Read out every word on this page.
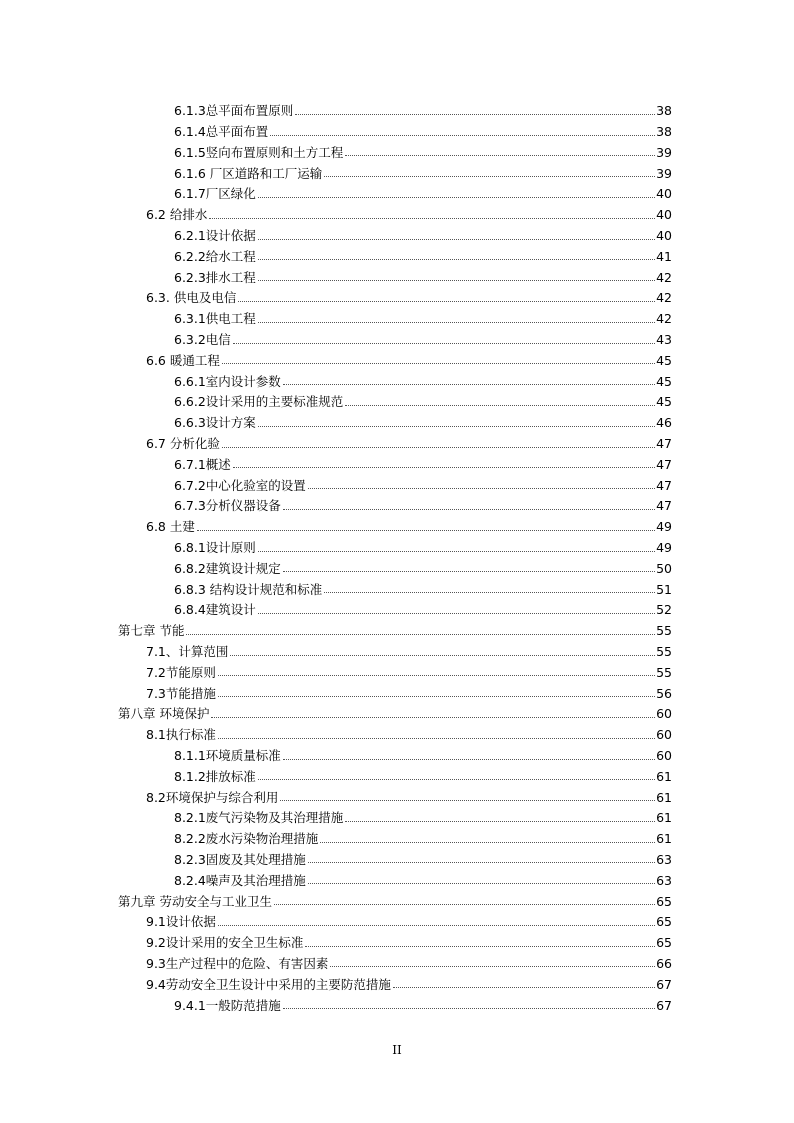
6.1.3总平面布置原则	38
6.1.4总平面布置	38
6.1.5竖向布置原则和土方工程	39
6.1.6 厂区道路和工厂运输	39
6.1.7厂区绿化	40
6.2 给排水	40
6.2.1设计依据	40
6.2.2给水工程	41
6.2.3排水工程	42
6.3. 供电及电信	42
6.3.1供电工程	42
6.3.2电信	43
6.6 暖通工程	45
6.6.1室内设计参数	45
6.6.2设计采用的主要标准规范	45
6.6.3设计方案	46
6.7 分析化验	47
6.7.1概述	47
6.7.2中心化验室的设置	47
6.7.3分析仪器设备	47
6.8 土建	49
6.8.1设计原则	49
6.8.2建筑设计规定	50
6.8.3 结构设计规范和标准	51
6.8.4建筑设计	52
第七章 节能	55
7.1、计算范围	55
7.2节能原则	55
7.3节能措施	56
第八章 环境保护	60
8.1执行标准	60
8.1.1环境质量标准	60
8.1.2排放标准	61
8.2环境保护与综合利用	61
8.2.1废气污染物及其治理措施	61
8.2.2废水污染物治理措施	61
8.2.3固废及其处理措施	63
8.2.4噪声及其治理措施	63
第九章 劳动安全与工业卫生	65
9.1设计依据	65
9.2设计采用的安全卫生标准	65
9.3生产过程中的危险、有害因素	66
9.4劳动安全卫生设计中采用的主要防范措施	67
9.4.1一般防范措施	67
II
